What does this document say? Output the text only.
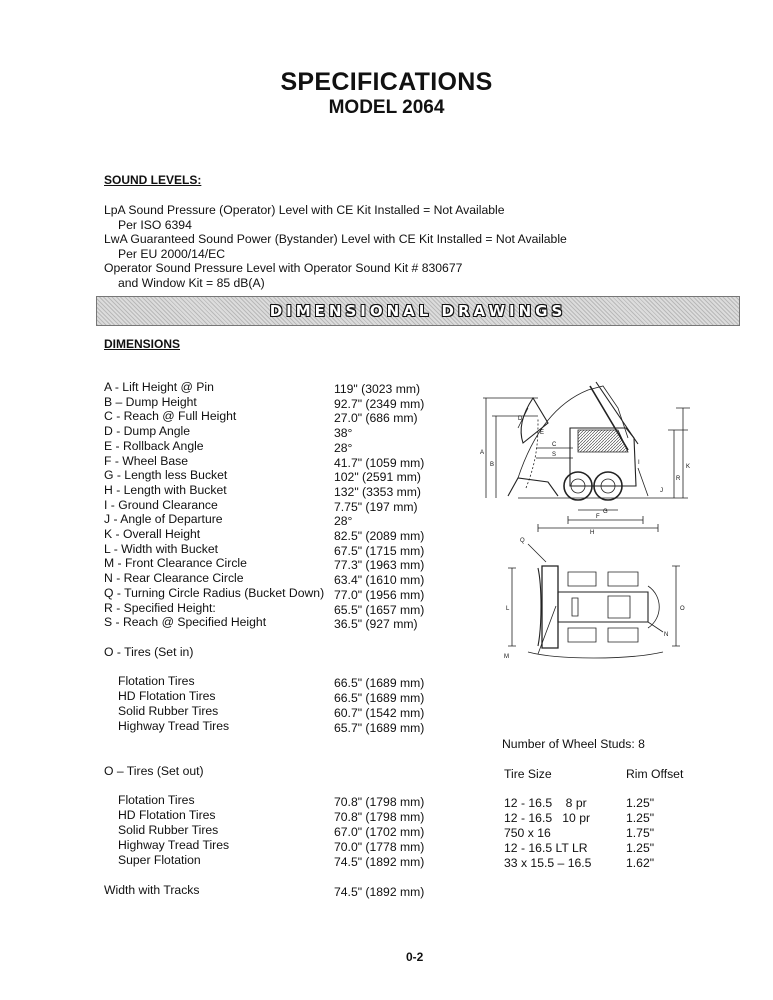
SPECIFICATIONS
MODEL 2064
SOUND LEVELS:
LpA Sound Pressure (Operator) Level with CE Kit Installed = Not Available
Per ISO 6394
LwA Guaranteed Sound Power (Bystander) Level with CE Kit Installed = Not Available
Per EU 2000/14/EC
Operator Sound Pressure Level with Operator Sound Kit # 830677
and Window Kit = 85 dB(A)
DIMENSIONAL DRAWINGS
DIMENSIONS
A - Lift Height @ Pin	119" (3023 mm)
B – Dump Height	92.7" (2349 mm)
C - Reach @ Full Height	27.0" (686 mm)
D - Dump Angle	38°
E - Rollback Angle	28°
F - Wheel Base	41.7" (1059 mm)
G - Length less Bucket	102" (2591 mm)
H - Length with Bucket	132" (3353 mm)
I - Ground Clearance	7.75" (197 mm)
J - Angle of Departure	28°
K - Overall Height	82.5" (2089 mm)
L - Width with Bucket	67.5" (1715 mm)
M - Front Clearance Circle	77.3" (1963 mm)
N - Rear Clearance Circle	63.4" (1610 mm)
Q - Turning Circle Radius (Bucket Down) 77.0" (1956 mm)
R - Specified Height:	65.5" (1657 mm)
S - Reach @ Specified Height	36.5" (927 mm)
O - Tires (Set in)
Flotation Tires	66.5" (1689 mm)
HD Flotation Tires	66.5" (1689 mm)
Solid Rubber Tires	60.7" (1542 mm)
Highway Tread Tires	65.7" (1689 mm)
O – Tires (Set out)
Flotation Tires	70.8" (1798 mm)
HD Flotation Tires	70.8" (1798 mm)
Solid Rubber Tires	67.0" (1702 mm)
Highway Tread Tires	70.0" (1778 mm)
Super Flotation	74.5" (1892 mm)
Width with Tracks	74.5" (1892 mm)
Number of Wheel Studs: 8
Tire Size	Rim Offset
12 - 16.5    8 pr	1.25"
12 - 16.5   10 pr	1.25"
750 x 16	1.75"
12 - 16.5 LT LR	1.25"
33 x 15.5 – 16.5	1.62"
A
B
C
S
D
E
F
G
H
I
J
K
R
Q
L	O
M
N
0-2
